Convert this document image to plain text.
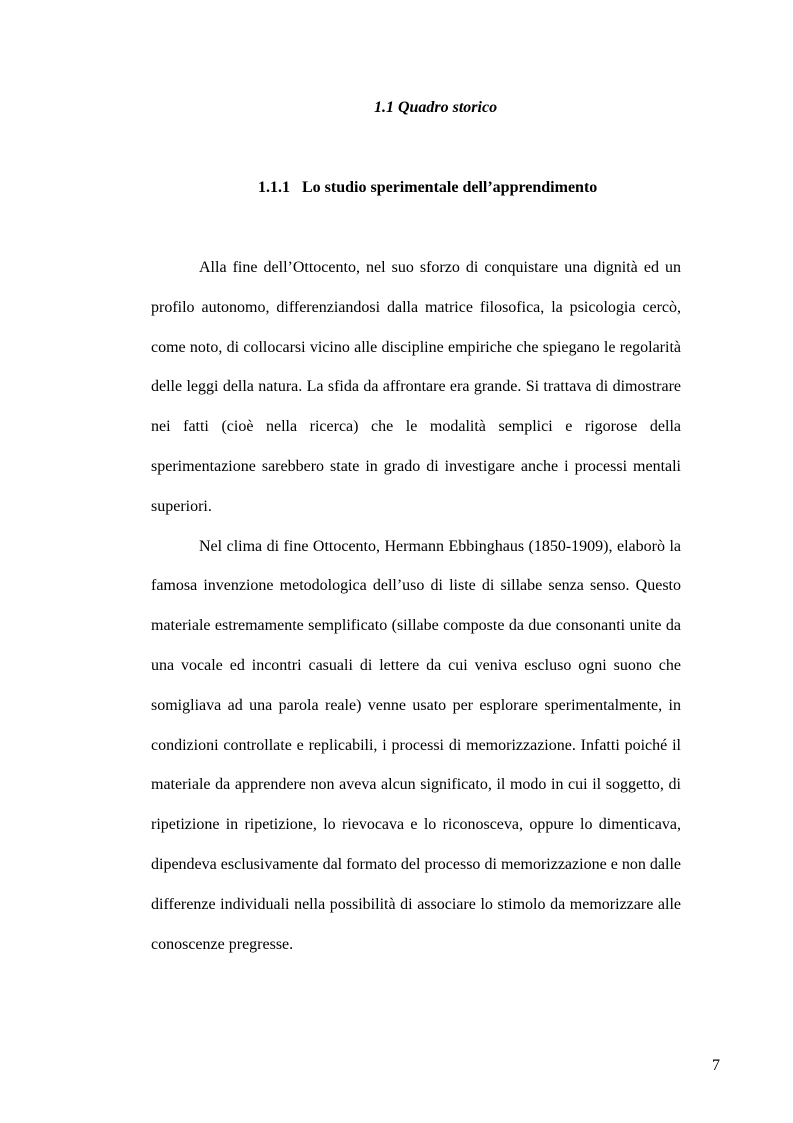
1.1 Quadro storico
1.1.1 Lo studio sperimentale dell’apprendimento

Alla fine dell’Ottocento, nel suo sforzo di conquistare una dignità ed un profilo autonomo, differenziandosi dalla matrice filosofica, la psicologia cercò, come noto, di collocarsi vicino alle discipline empiriche che spiegano le regolarità delle leggi della natura. La sfida da affrontare era grande. Si trattava di dimostrare nei fatti (cioè nella ricerca) che le modalità semplici e rigorose della sperimentazione sarebbero state in grado di investigare anche i processi mentali superiori.

Nel clima di fine Ottocento, Hermann Ebbinghaus (1850-1909), elaborò la famosa invenzione metodologica dell’uso di liste di sillabe senza senso. Questo materiale estremamente semplificato (sillabe composte da due consonanti unite da una vocale ed incontri casuali di lettere da cui veniva escluso ogni suono che somigliava ad una parola reale) venne usato per esplorare sperimentalmente, in condizioni controllate e replicabili, i processi di memorizzazione. Infatti poiché il materiale da apprendere non aveva alcun significato, il modo in cui il soggetto, di ripetizione in ripetizione, lo rievocava e lo riconosceva, oppure lo dimenticava, dipendeva esclusivamente dal formato del processo di memorizzazione e non dalle differenze individuali nella possibilità di associare lo stimolo da memorizzare alle conoscenze pregresse.

7
